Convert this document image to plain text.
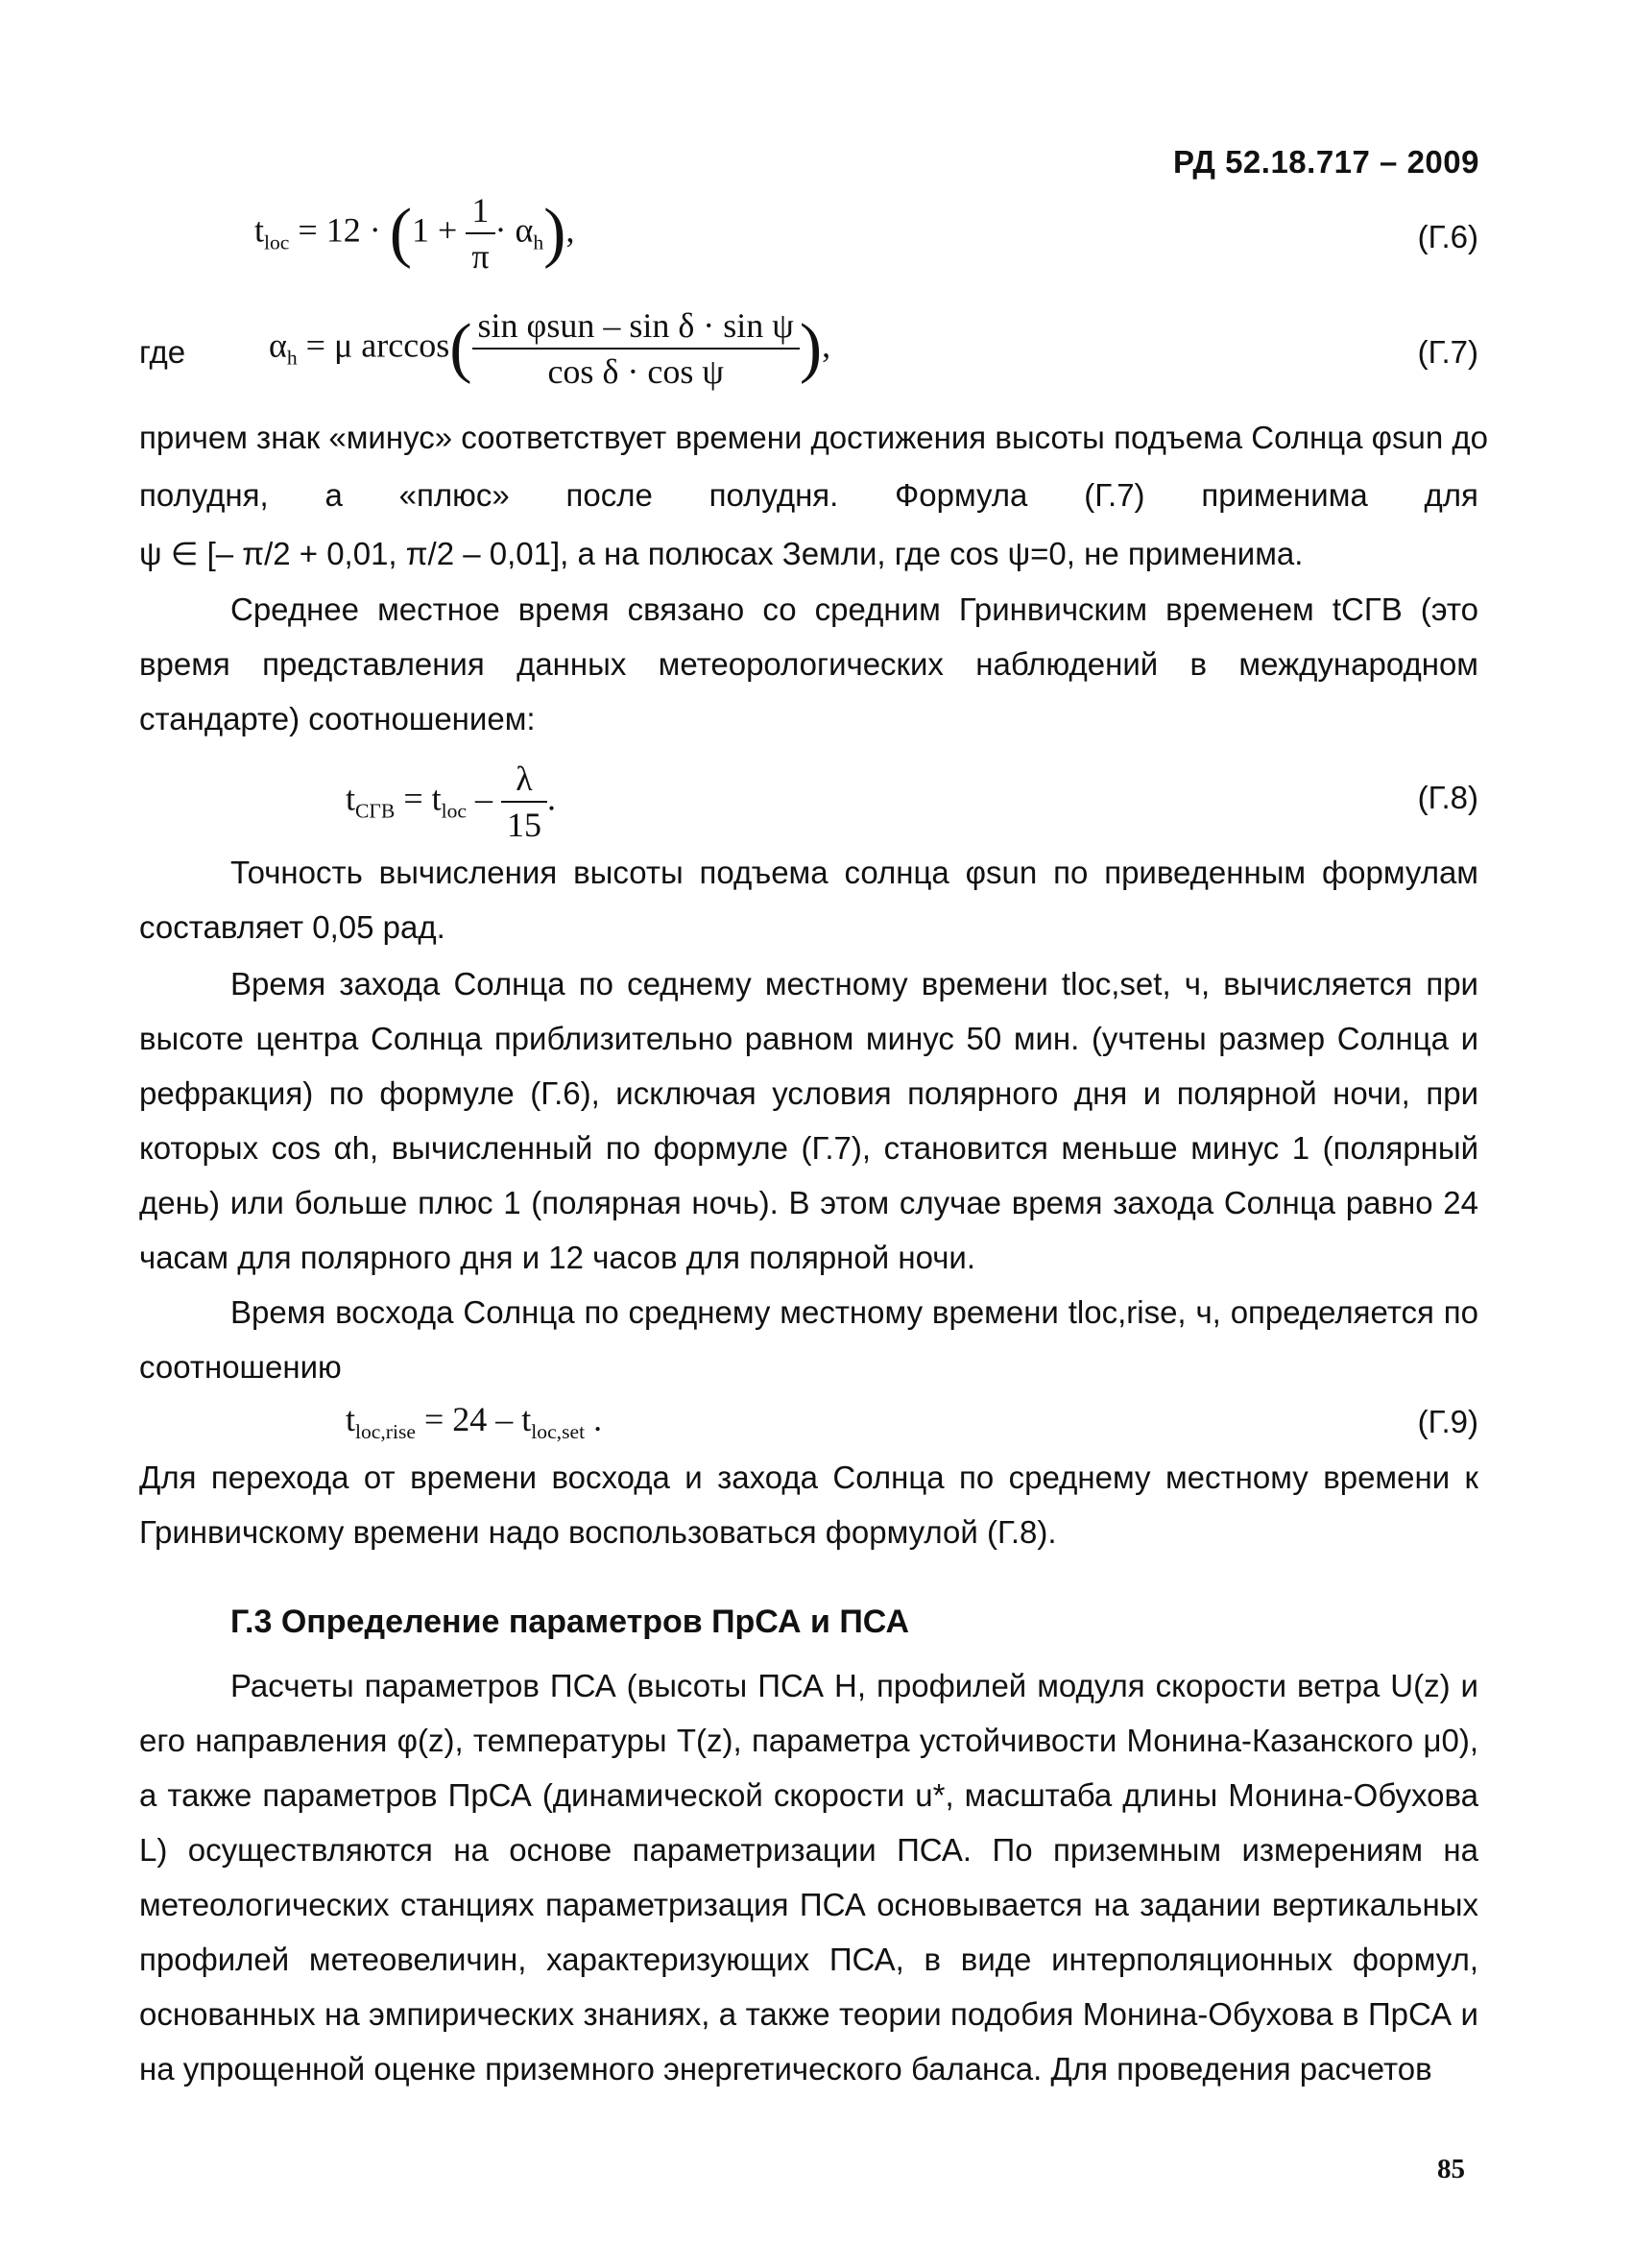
РД 52.18.717 – 2009
$t_{loc} = 12 \cdot (1 + \frac{1}{\pi} \cdot \alpha_h)$,	(Г.6)
где	$\alpha_h = \mu$ $\arccos( \frac{\text{sin φsun – sin δ · sin ψ}}{\text{cos δ · cos ψ}}$ ),	(Г.7)
причем знак «минус» соответствует времени достижения высоты подъема Солнца φsun до
полудня, а «плюс» после полудня. Формула (Г.7) применима для
ψ ∈ [– π/2 + 0,01, π/2 – 0,01], а на полюсах Земли, где cos ψ=0, не применима.
Среднее местное время связано со средним Гринвичским временем tСГВ (это время представления данных метеорологических наблюдений в международном стандарте) соотношением:
$t_{СГВ} = t_{loc} - \frac{\lambda}{15}$ .	(Г.8)
Точность вычисления высоты подъема солнца φsun по приведенным формулам составляет 0,05 рад.
Время захода Солнца по седнему местному времени tloc,set, ч, вычисляется при высоте центра Солнца приблизительно равном минус 50 мин. (учтены размер Солнца и рефракция) по формуле (Г.6), исключая условия полярного дня и полярной ночи, при которых cos αh, вычисленный по формуле (Г.7), становится меньше минус 1 (полярный день) или больше плюс 1 (полярная ночь). В этом случае время захода Солнца равно 24 часам для полярного дня и 12 часов для полярной ночи.
Время восхода Солнца по среднему местному времени tloc,rise, ч, определяется по соотношению
$t_{loc,rise} = 24 - t_{loc,set}$ .	(Г.9)
Для перехода от времени восхода и захода Солнца по среднему местному времени к Гринвичскому времени надо воспользоваться формулой (Г.8).
Г.3 Определение параметров ПрСА и ПСА
Расчеты параметров ПСА (высоты ПСА Н, профилей модуля скорости ветра U(z) и его направления φ(z), температуры T(z), параметра устойчивости Монина-Казанского μ0), а также параметров ПрСА (динамической скорости u*, масштаба длины Монина-Обухова L) осуществляются на основе параметризации ПСА. По приземным измерениям на метеологических станциях параметризация ПСА основывается на задании вертикальных профилей метеовеличин, характеризующих ПСА, в виде интерполяционных формул, основанных на эмпирических знаниях, а также теории подобия Монина-Обухова в ПрСА и на упрощенной оценке приземного энергетического баланса. Для проведения расчетов
85
